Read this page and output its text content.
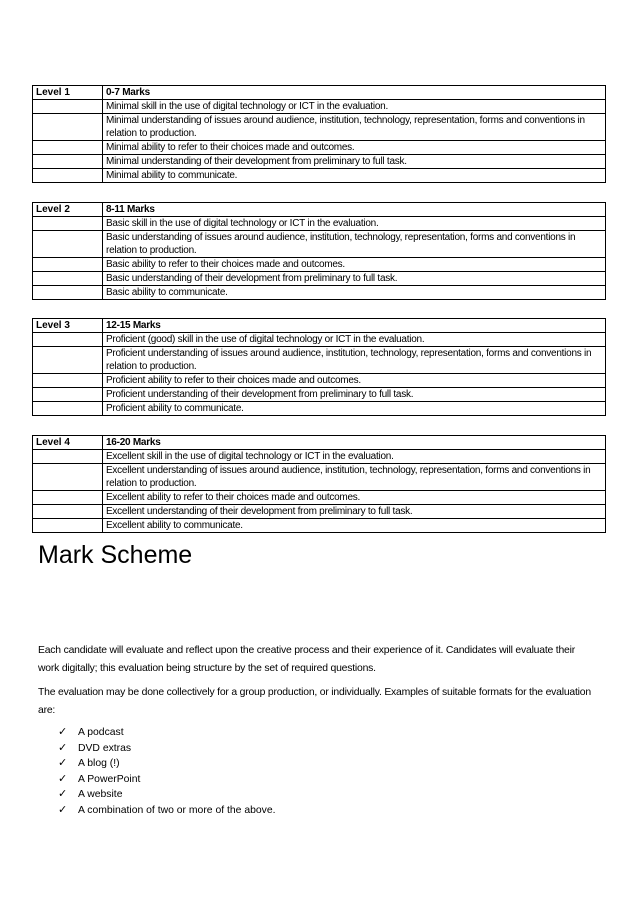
Level 1	0-7 Marks
	Minimal skill in the use of digital technology or ICT in the evaluation.
	Minimal understanding of issues around audience, institution, technology, representation, forms and conventions in relation to production.
	Minimal ability to refer to their choices made and outcomes.
	Minimal understanding of their development from preliminary to full task.
	Minimal ability to communicate.
Level 2	8-11 Marks
	Basic skill in the use of digital technology or ICT in the evaluation.
	Basic understanding of issues around audience, institution, technology, representation, forms and conventions in relation to production.
	Basic ability to refer to their choices made and outcomes.
	Basic understanding of their development from preliminary to full task.
	Basic ability to communicate.
Level 3	12-15 Marks
	Proficient (good) skill in the use of digital technology or ICT in the evaluation.
	Proficient understanding of issues around audience, institution, technology, representation, forms and conventions in relation to production.
	Proficient ability to refer to their choices made and outcomes.
	Proficient understanding of their development from preliminary to full task.
	Proficient ability to communicate.
Level 4	16-20 Marks
	Excellent skill in the use of digital technology or ICT in the evaluation.
	Excellent understanding of issues around audience, institution, technology, representation, forms and conventions in relation to production.
	Excellent ability to refer to their choices made and outcomes.
	Excellent understanding of their development from preliminary to full task.
	Excellent ability to communicate.
Mark Scheme

Each candidate will evaluate and reflect upon the creative process and their experience of it. Candidates will evaluate their work digitally; this evaluation being structure by the set of required questions.

The evaluation may be done collectively for a group production, or individually. Examples of suitable formats for the evaluation are:

✓	A podcast
✓	DVD extras
✓	A blog (!)
✓	A PowerPoint
✓	A website
✓	A combination of two or more of the above.
